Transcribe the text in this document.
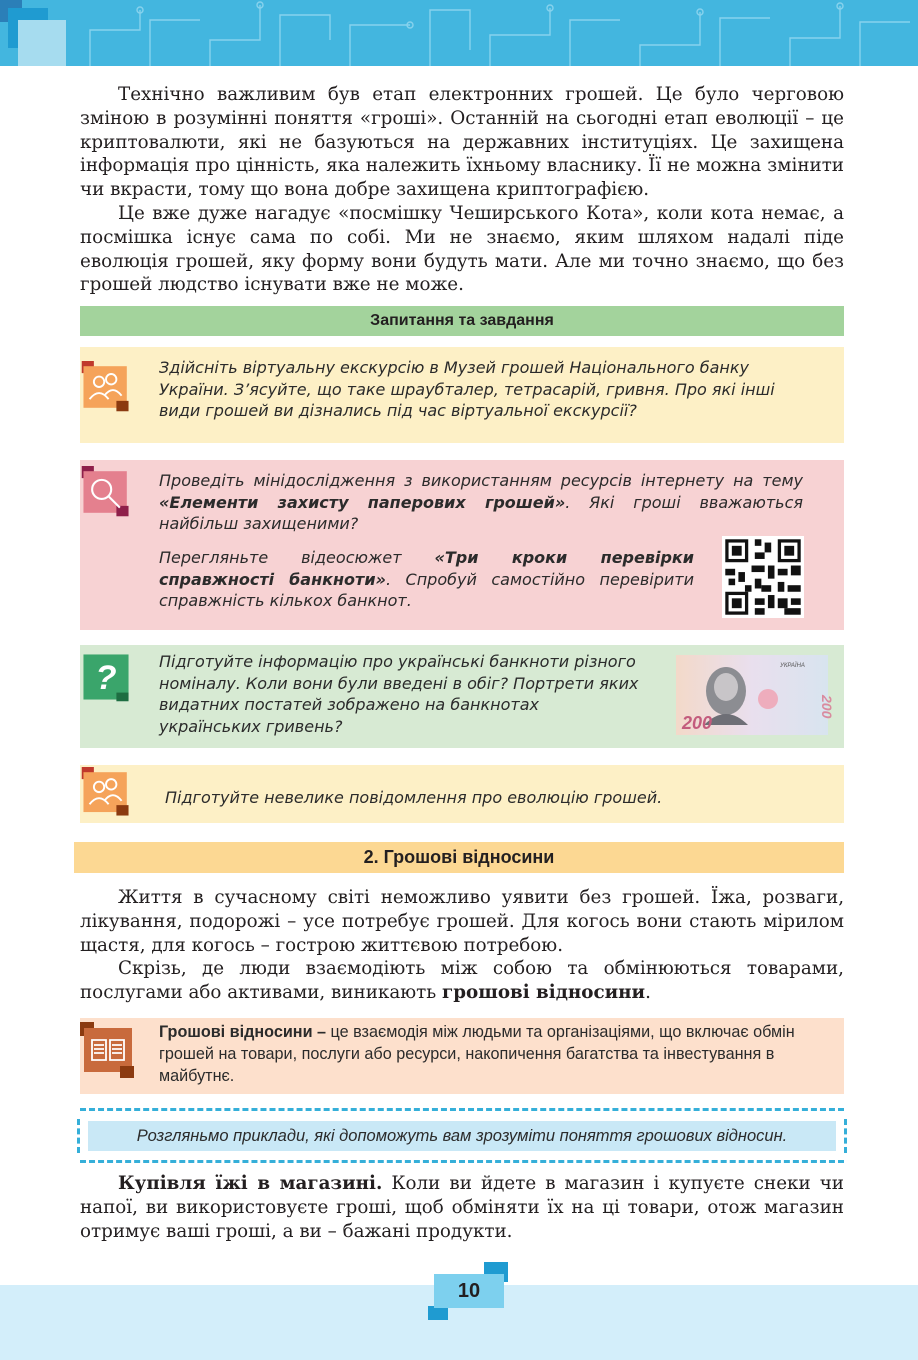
Технічно важливим був етап електронних грошей. Це було черговою зміною в розумінні поняття «гроші». Останній на сьогодні етап еволюції – це криптовалюти, які не базуються на державних інституціях. Це захищена інформація про цінність, яка належить їхньому власнику. Її не можна змінити чи вкрасти, тому що вона добре захищена криптографією.

Це вже дуже нагадує «посмішку Чеширського Кота», коли кота немає, а посмішка існує сама по собі. Ми не знаємо, яким шляхом надалі піде еволюція грошей, яку форму вони будуть мати. Але ми точно знаємо, що без грошей людство існувати вже не може.

Запитання та завдання
Здійсніть віртуальну екскурсію в Музей грошей Національного банку України. З’ясуйте, що таке шраубталер, тетрасарій, гривня. Про які інші види грошей ви дізнались під час віртуальної екскурсії?
Проведіть мінідослідження з використанням ресурсів інтернету на тему «Елементи захисту паперових грошей». Які гроші вважаються найбільш захищеними?
Перегляньте відеосюжет «Три кроки перевірки справжності банкноти». Спробуй самостійно перевірити справжність кількох банкнот.
?	Підготуйте інформацію про українські банкноти різного номіналу. Коли вони були введені в обіг? Портрети яких видатних постатей зображено на банкнотах українських гривень?
УКРАЇНА
200
200
Підготуйте невелике повідомлення про еволюцію грошей.
2. Грошові відносини

Життя в сучасному світі неможливо уявити без грошей. Їжа, розваги, лікування, подорожі – усе потребує грошей. Для когось вони стають мірилом щастя, для когось – гострою життєвою потребою.

Скрізь, де люди взаємодіють між собою та обмінюються товарами, послугами або активами, виникають грошові відносини.

Грошові відносини – це взаємодія між людьми та організаціями, що включає обмін грошей на товари, послуги або ресурси, накопичення багатства та інвестування в майбутнє.
Розгляньмо приклади, які допоможуть вам зрозуміти поняття грошових відносин.

Купівля їжі в магазині. Коли ви йдете в магазин і купуєте снеки чи напої, ви використовуєте гроші, щоб обміняти їх на ці товари, отож магазин отримує ваші гроші, а ви – бажані продукти.

10
